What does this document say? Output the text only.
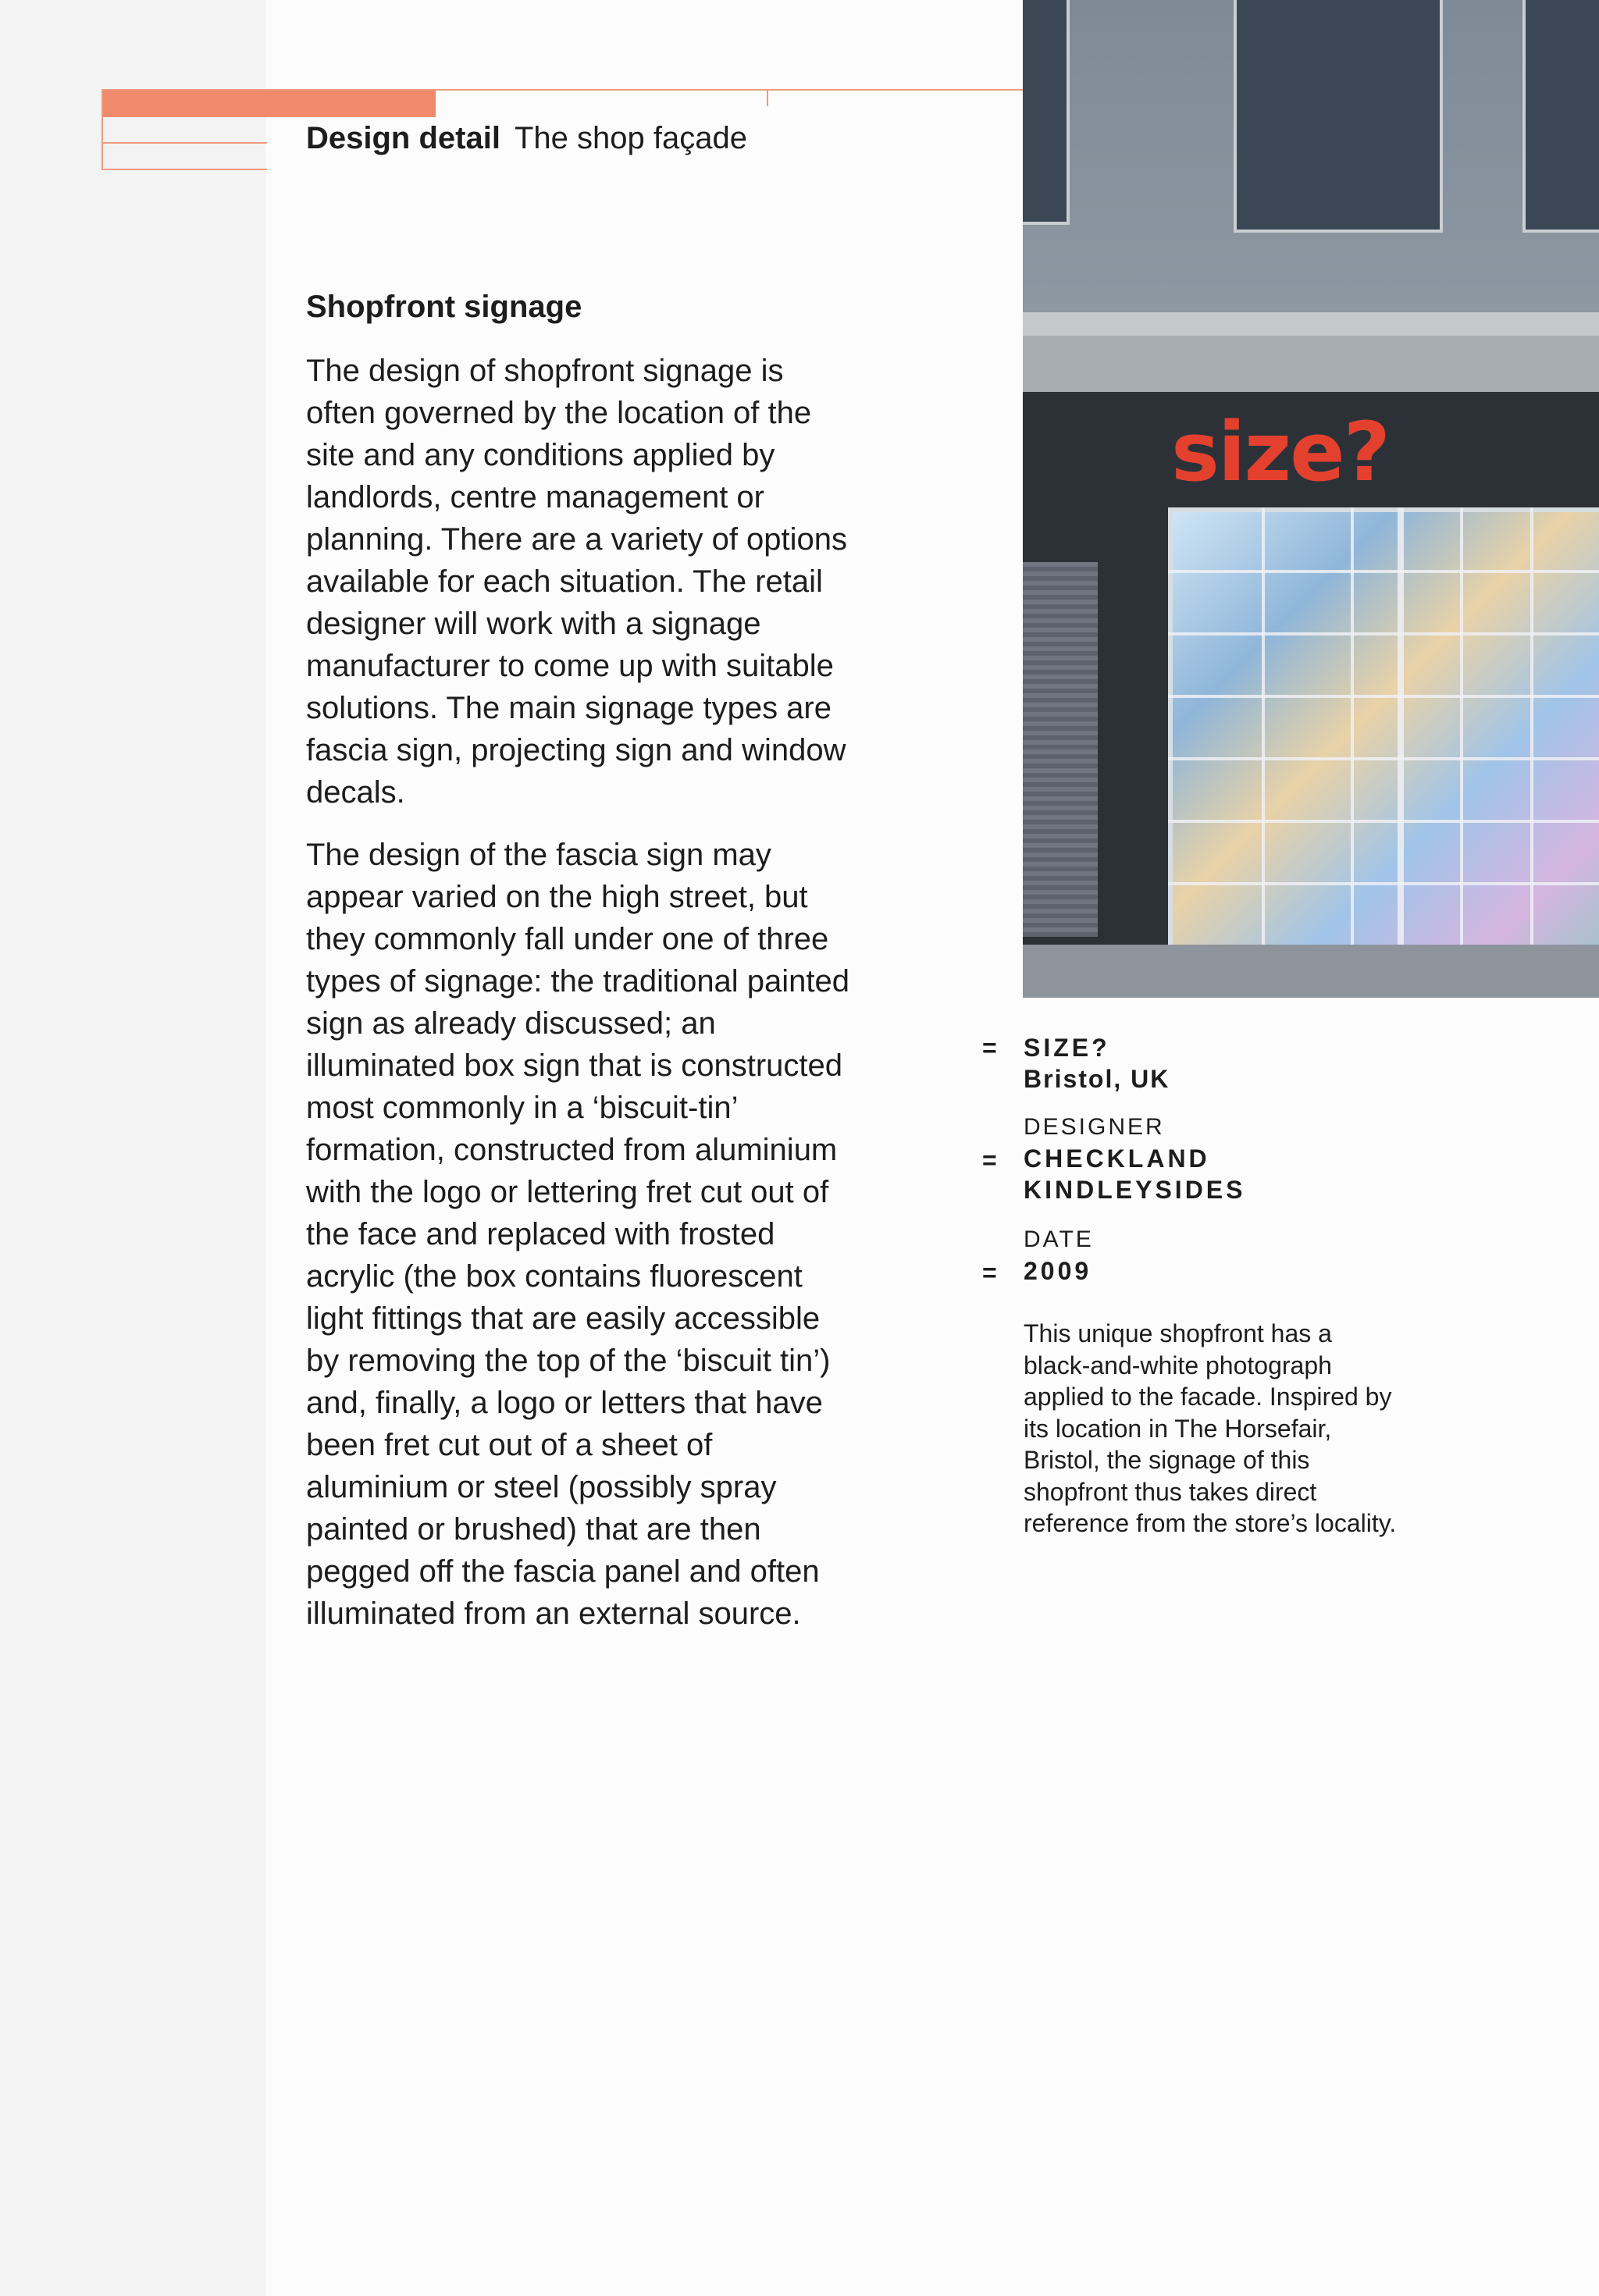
Design detail The shop façade
Shopfront signage

The design of shopfront signage is often governed by the location of the site and any conditions applied by landlords, centre management or planning. There are a variety of options available for each situation. The retail designer will work with a signage manufacturer to come up with suitable solutions. The main signage types are fascia sign, projecting sign and window decals.

The design of the fascia sign may appear varied on the high street, but they commonly fall under one of three types of signage: the traditional painted sign as already discussed; an illuminated box sign that is constructed most commonly in a ‘biscuit-tin’ formation, constructed from aluminium with the logo or lettering fret cut out of the face and replaced with frosted acrylic (the box contains fluorescent light fittings that are easily accessible by removing the top of the ‘biscuit tin’) and, finally, a logo or letters that have been fret cut out of a sheet of aluminium or steel (possibly spray painted or brushed) that are then pegged off the fascia panel and often illuminated from an external source.

size?
= SIZE?
Bristol, UK
DESIGNER
CHECKLAND
KINDLEYSIDES
=
DATE
2009
=
This unique shopfront has a black-and-white photograph applied to the facade. Inspired by its location in The Horsefair, Bristol, the signage of this shopfront thus takes direct reference from the store’s locality.
